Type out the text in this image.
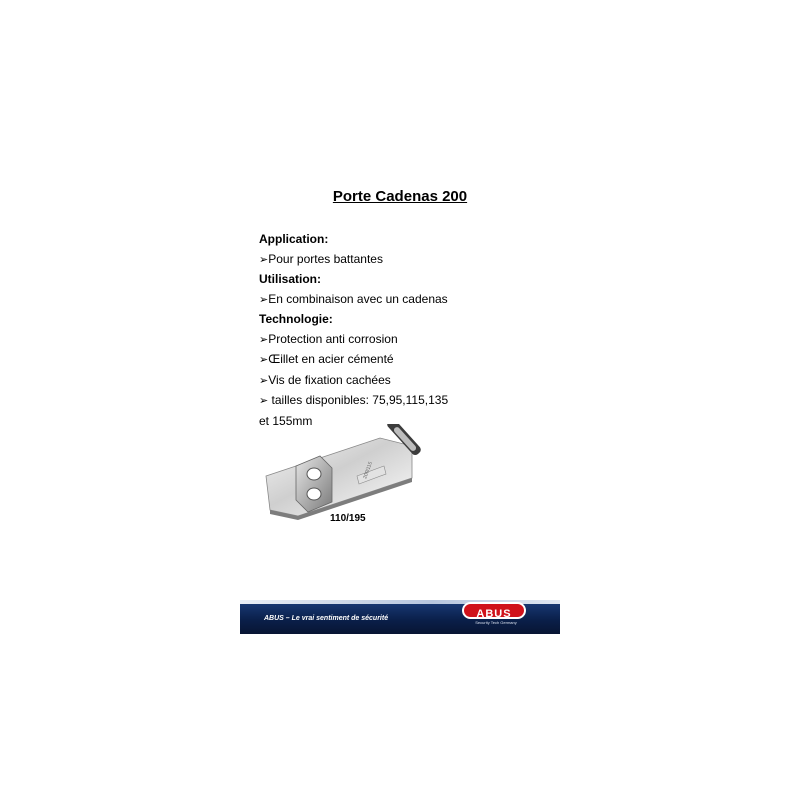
Porte Cadenas 200
Application:
➢Pour portes battantes
Utilisation:
➢En combinaison avec un cadenas
Technologie:
➢Protection anti corrosion
➢Œillet en acier cémenté
➢Vis de fixation cachées
➢ tailles disponibles: 75,95,115,135
et 155mm
200/115
110/195
ABUS – Le vrai sentiment de sécurité	ABUS
Security Tech Germany
